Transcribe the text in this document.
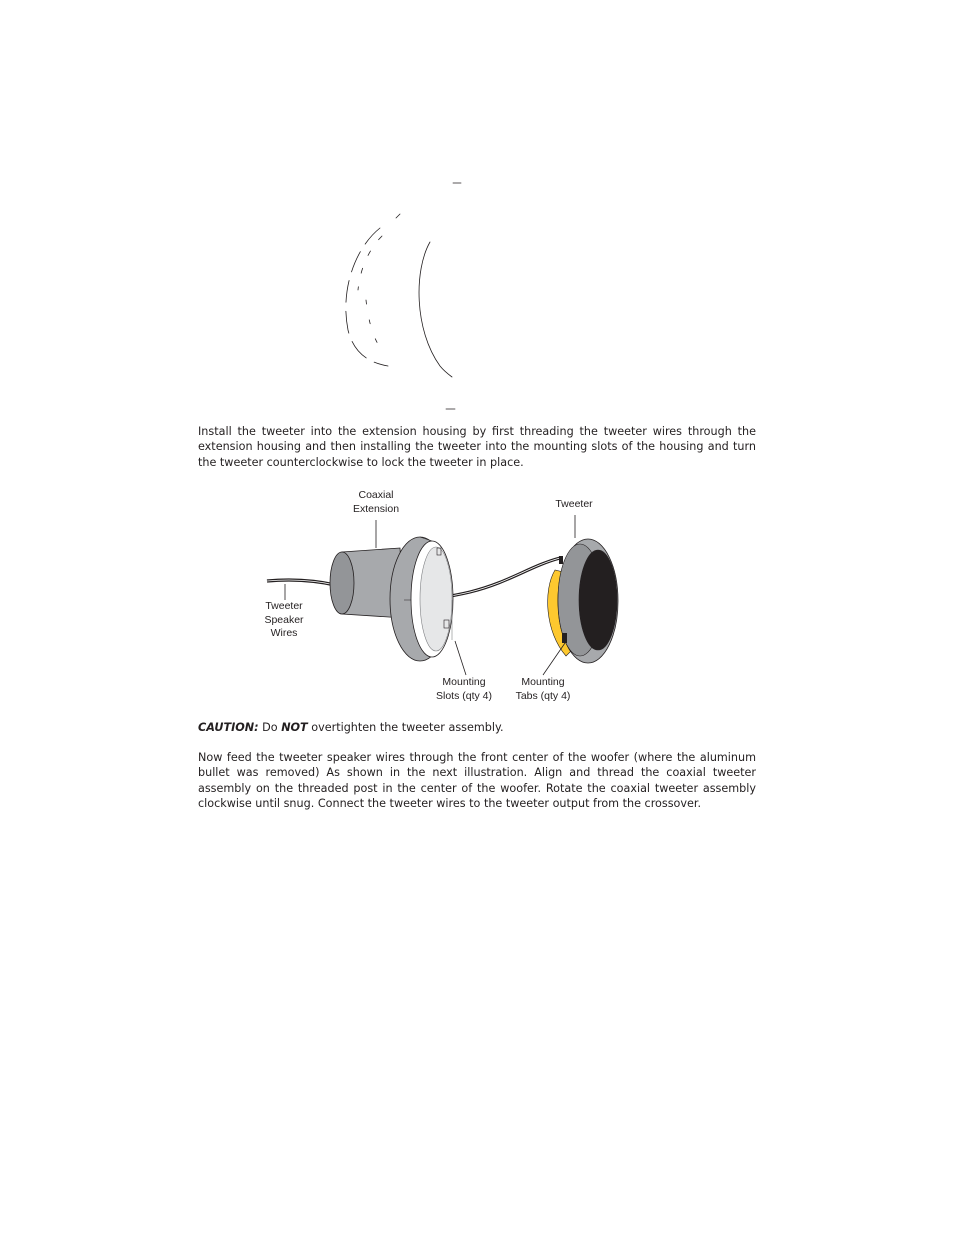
Install the tweeter into the extension housing by first threading the tweeter wires through the extension housing and then installing the tweeter into the mounting slots of the housing and turn the tweeter counterclockwise to lock the tweeter in place.

Coaxial
Extension	Tweeter
Tweeter
Speaker
Wires
Mounting
Slots (qty 4)
Mounting
Tabs (qty 4)

CAUTION: Do NOT overtighten the tweeter assembly.

Now feed the tweeter speaker wires through the front center of the woofer (where the aluminum bullet was removed) As shown in the next illustration. Align and thread the coaxial tweeter assembly on the threaded post in the center of the woofer. Rotate the coaxial tweeter assembly clockwise until snug. Connect the tweeter wires to the tweeter output from the crossover.
